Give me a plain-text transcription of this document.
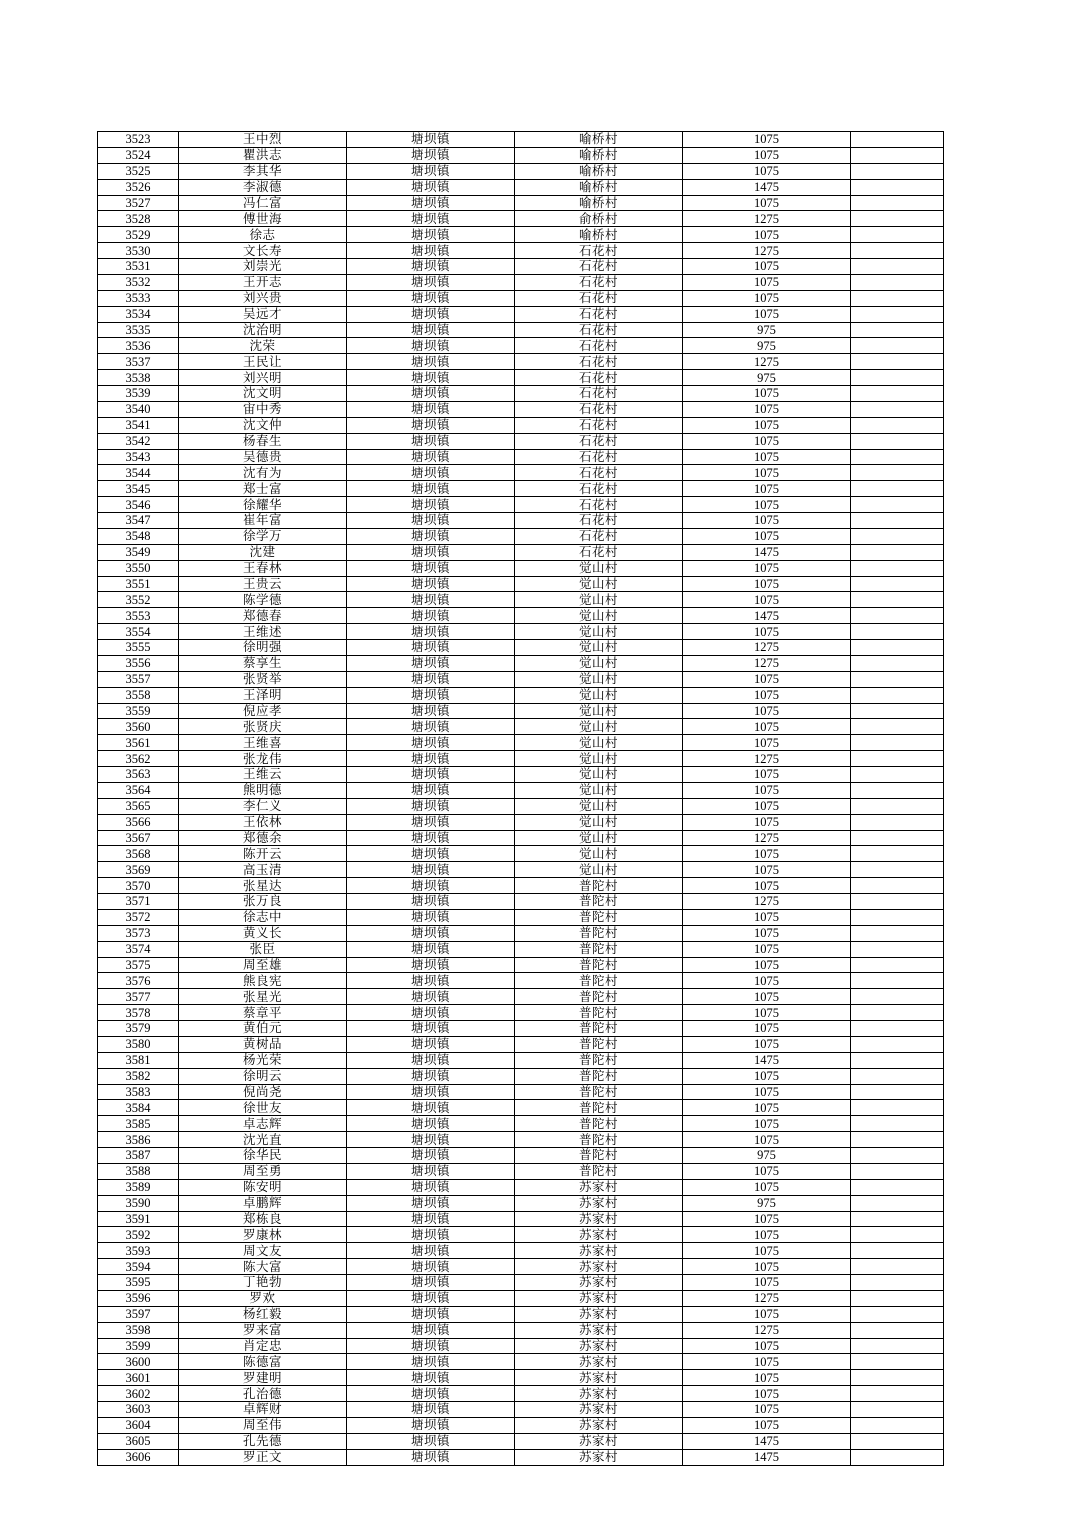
3523	王中烈	塘坝镇	喻桥村	1075	
3524	瞿洪志	塘坝镇	喻桥村	1075	
3525	李其华	塘坝镇	喻桥村	1075	
3526	李淑德	塘坝镇	喻桥村	1475	
3527	冯仁富	塘坝镇	喻桥村	1075	
3528	傅世海	塘坝镇	俞桥村	1275	
3529	徐志	塘坝镇	喻桥村	1075	
3530	文长寿	塘坝镇	石花村	1275	
3531	刘崇光	塘坝镇	石花村	1075	
3532	王开志	塘坝镇	石花村	1075	
3533	刘兴贵	塘坝镇	石花村	1075	
3534	吴远才	塘坝镇	石花村	1075	
3535	沈治明	塘坝镇	石花村	975	
3536	沈荣	塘坝镇	石花村	975	
3537	王民让	塘坝镇	石花村	1275	
3538	刘兴明	塘坝镇	石花村	975	
3539	沈文明	塘坝镇	石花村	1075	
3540	宙中秀	塘坝镇	石花村	1075	
3541	沈文仲	塘坝镇	石花村	1075	
3542	杨春生	塘坝镇	石花村	1075	
3543	吴德贵	塘坝镇	石花村	1075	
3544	沈有为	塘坝镇	石花村	1075	
3545	郑士富	塘坝镇	石花村	1075	
3546	徐耀华	塘坝镇	石花村	1075	
3547	崔年富	塘坝镇	石花村	1075	
3548	徐学万	塘坝镇	石花村	1075	
3549	沈建	塘坝镇	石花村	1475	
3550	王春林	塘坝镇	觉山村	1075	
3551	王贵云	塘坝镇	觉山村	1075	
3552	陈学德	塘坝镇	觉山村	1075	
3553	郑德春	塘坝镇	觉山村	1475	
3554	王维述	塘坝镇	觉山村	1075	
3555	徐明强	塘坝镇	觉山村	1275	
3556	蔡享生	塘坝镇	觉山村	1275	
3557	张贤举	塘坝镇	觉山村	1075	
3558	王泽明	塘坝镇	觉山村	1075	
3559	倪应孝	塘坝镇	觉山村	1075	
3560	张贤庆	塘坝镇	觉山村	1075	
3561	王维喜	塘坝镇	觉山村	1075	
3562	张龙伟	塘坝镇	觉山村	1275	
3563	王维云	塘坝镇	觉山村	1075	
3564	熊明德	塘坝镇	觉山村	1075	
3565	李仁义	塘坝镇	觉山村	1075	
3566	王依林	塘坝镇	觉山村	1075	
3567	郑德余	塘坝镇	觉山村	1275	
3568	陈开云	塘坝镇	觉山村	1075	
3569	高玉清	塘坝镇	觉山村	1075	
3570	张星达	塘坝镇	普陀村	1075	
3571	张万良	塘坝镇	普陀村	1275	
3572	徐志中	塘坝镇	普陀村	1075	
3573	黄义长	塘坝镇	普陀村	1075	
3574	张臣	塘坝镇	普陀村	1075	
3575	周至雄	塘坝镇	普陀村	1075	
3576	熊良宪	塘坝镇	普陀村	1075	
3577	张星光	塘坝镇	普陀村	1075	
3578	蔡章平	塘坝镇	普陀村	1075	
3579	黄伯元	塘坝镇	普陀村	1075	
3580	黄树品	塘坝镇	普陀村	1075	
3581	杨光荣	塘坝镇	普陀村	1475	
3582	徐明云	塘坝镇	普陀村	1075	
3583	倪尚尧	塘坝镇	普陀村	1075	
3584	徐世友	塘坝镇	普陀村	1075	
3585	卓志辉	塘坝镇	普陀村	1075	
3586	沈光直	塘坝镇	普陀村	1075	
3587	徐华民	塘坝镇	普陀村	975	
3588	周至勇	塘坝镇	普陀村	1075	
3589	陈安明	塘坝镇	苏家村	1075	
3590	卓鹏辉	塘坝镇	苏家村	975	
3591	郑栋良	塘坝镇	苏家村	1075	
3592	罗康林	塘坝镇	苏家村	1075	
3593	周文友	塘坝镇	苏家村	1075	
3594	陈大富	塘坝镇	苏家村	1075	
3595	丁艳勃	塘坝镇	苏家村	1075	
3596	罗欢	塘坝镇	苏家村	1275	
3597	杨红毅	塘坝镇	苏家村	1075	
3598	罗来富	塘坝镇	苏家村	1275	
3599	肖定忠	塘坝镇	苏家村	1075	
3600	陈德富	塘坝镇	苏家村	1075	
3601	罗建明	塘坝镇	苏家村	1075	
3602	孔治德	塘坝镇	苏家村	1075	
3603	卓辉财	塘坝镇	苏家村	1075	
3604	周至伟	塘坝镇	苏家村	1075	
3605	孔先德	塘坝镇	苏家村	1475	
3606	罗正文	塘坝镇	苏家村	1475	
